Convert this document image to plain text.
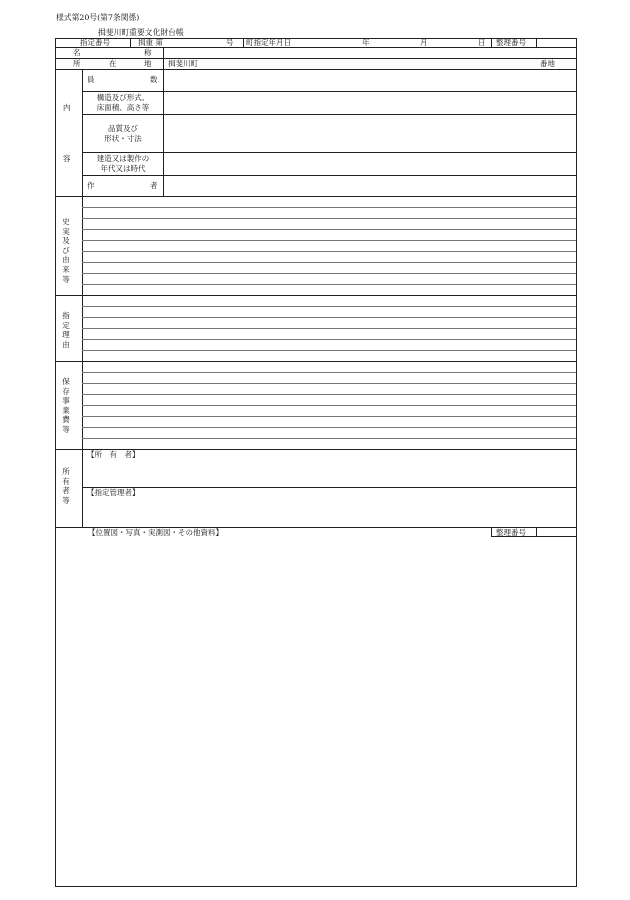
様式第20号(第7条関係)
揖斐川町重要文化財台帳
指定番号	揖重 第	号 町指定年月日	年	月	日 整理番号
名	称
所	在	地 揖斐川町	番地
内
容
員	数
構造及び形式、
床面積、高さ等
品質及び
形状・寸法
建造又は製作の
年代又は時代
作	者
史実及び由来等
指定理由
保存事業費等
所有者等
【所　有　者】
【指定管理者】
【位置図・写真・実測図・その他資料】	整理番号
